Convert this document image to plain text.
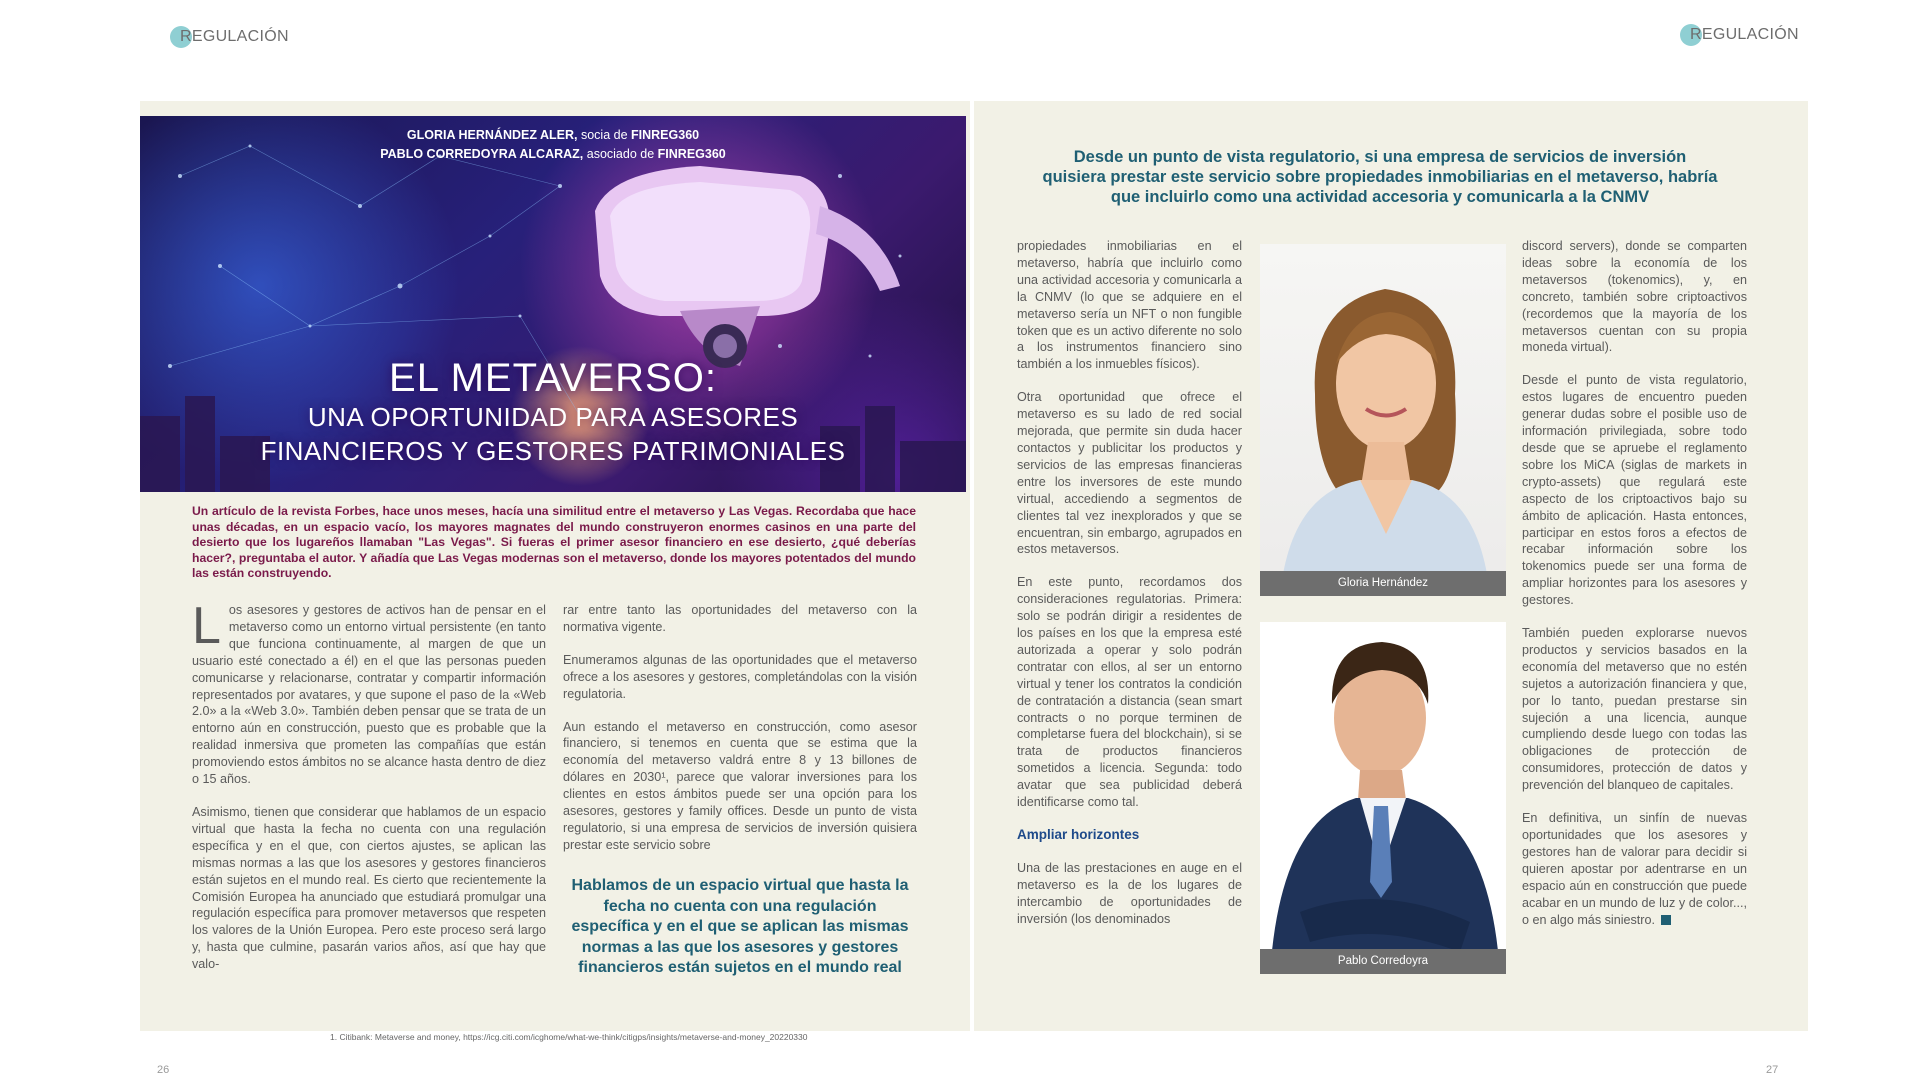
REGULACIÓN	REGULACIÓN
GLORIA HERNÁNDEZ ALER, socia de FINREG360
PABLO CORREDOYRA ALCARAZ, asociado de FINREG360
EL METAVERSO:
UNA OPORTUNIDAD PARA ASESORES
FINANCIEROS Y GESTORES PATRIMONIALES
Un artículo de la revista Forbes, hace unos meses, hacía una similitud entre el metaverso y Las Vegas. Recordaba que hace unas décadas, en un espacio vacío, los mayores magnates del mundo construyeron enormes casinos en una parte del desierto que los lugareños llamaban "Las Vegas". Si fueras el primer asesor financiero en ese desierto, ¿qué deberías hacer?, preguntaba el autor. Y añadía que Las Vegas modernas son el metaverso, donde los mayores potentados del mundo las están construyendo.

Los asesores y gestores de activos han de pensar en el metaverso como un entorno virtual persistente (en tanto que funciona continuamente, al margen de que un usuario esté conectado a él) en el que las personas pueden comunicarse y relacionarse, contratar y compartir información representados por avatares, y que supone el paso de la «Web 2.0» a la «Web 3.0». También deben pensar que se trata de un entorno aún en construcción, puesto que es probable que la realidad inmersiva que prometen las compañías que están promoviendo estos ámbitos no se alcance hasta dentro de diez o 15 años.

Asimismo, tienen que considerar que hablamos de un espacio virtual que hasta la fecha no cuenta con una regulación específica y en el que, con ciertos ajustes, se aplican las mismas normas a las que los asesores y gestores financieros están sujetos en el mundo real. Es cierto que recientemente la Comisión Europea ha anunciado que estudiará promulgar una regulación específica para promover metaversos que respeten los valores de la Unión Europea. Pero este proceso será largo y, hasta que culmine, pasarán varios años, así que hay que valo-

rar entre tanto las oportunidades del metaverso con la normativa vigente.

Enumeramos algunas de las oportunidades que el metaverso ofrece a los asesores y gestores, completándolas con la visión regulatoria.

Aun estando el metaverso en construcción, como asesor financiero, si tenemos en cuenta que se estima que la economía del metaverso valdrá entre 8 y 13 billones de dólares en 2030¹, parece que valorar inversiones para los clientes en estos ámbitos puede ser una opción para los asesores, gestores y family offices. Desde un punto de vista regulatorio, si una empresa de servicios de inversión quisiera prestar este servicio sobre

Hablamos de un espacio virtual que hasta la fecha no cuenta con una regulación específica y en el que se aplican las mismas normas a las que los asesores y gestores financieros están sujetos en el mundo real
1. Citibank: Metaverse and money, https://icg.citi.com/icghome/what-we-think/citigps/insights/metaverse-and-money_20220330
26	27
Desde un punto de vista regulatorio, si una empresa de servicios de inversión quisiera prestar este servicio sobre propiedades inmobiliarias en el metaverso, habría que incluirlo como una actividad accesoria y comunicarla a la CNMV

propiedades inmobiliarias en el metaverso, habría que incluirlo como una actividad accesoria y comunicarla a la CNMV (lo que se adquiere en el metaverso sería un NFT o non fungible token que es un activo diferente no solo a los instrumentos financiero sino también a los inmuebles físicos).

Otra oportunidad que ofrece el metaverso es su lado de red social mejorada, que permite sin duda hacer contactos y publicitar los productos y servicios de las empresas financieras entre los inversores de este mundo virtual, accediendo a segmentos de clientes tal vez inexplorados y que se encuentran, sin embargo, agrupados en estos metaversos.

En este punto, recordamos dos consideraciones regulatorias. Primera: solo se podrán dirigir a residentes de los países en los que la empresa esté autorizada a operar y solo podrán contratar con ellos, al ser un entorno virtual y tener los contratos la condición de contratación a distancia (sean smart contracts o no porque terminen de completarse fuera del blockchain), si se trata de productos financieros sometidos a licencia. Segunda: todo avatar que sea publicidad deberá identificarse como tal.

Ampliar horizontes

Una de las prestaciones en auge en el metaverso es la de los lugares de intercambio de oportunidades de inversión (los denominados

Gloria Hernández
Pablo Corredoyra

discord servers), donde se comparten ideas sobre la economía de los metaversos (tokenomics), y, en concreto, también sobre criptoactivos (recordemos que la mayoría de los metaversos cuentan con su propia moneda virtual).

Desde el punto de vista regulatorio, estos lugares de encuentro pueden generar dudas sobre el posible uso de información privilegiada, sobre todo desde que se apruebe el reglamento sobre los MiCA (siglas de markets in crypto-assets) que regulará este aspecto de los criptoactivos bajo su ámbito de aplicación. Hasta entonces, participar en estos foros a efectos de recabar información sobre los tokenomics puede ser una forma de ampliar horizontes para los asesores y gestores.

También pueden explorarse nuevos productos y servicios basados en la economía del metaverso que no estén sujetos a autorización financiera y que, por lo tanto, puedan prestarse sin sujeción a una licencia, aunque cumpliendo desde luego con todas las obligaciones de protección de consumidores, protección de datos y prevención del blanqueo de capitales.

En definitiva, un sinfín de nuevas oportunidades que los asesores y gestores han de valorar para decidir si quieren apostar por adentrarse en un espacio aún en construcción que puede acabar en un mundo de luz y de color..., o en algo más siniestro.
